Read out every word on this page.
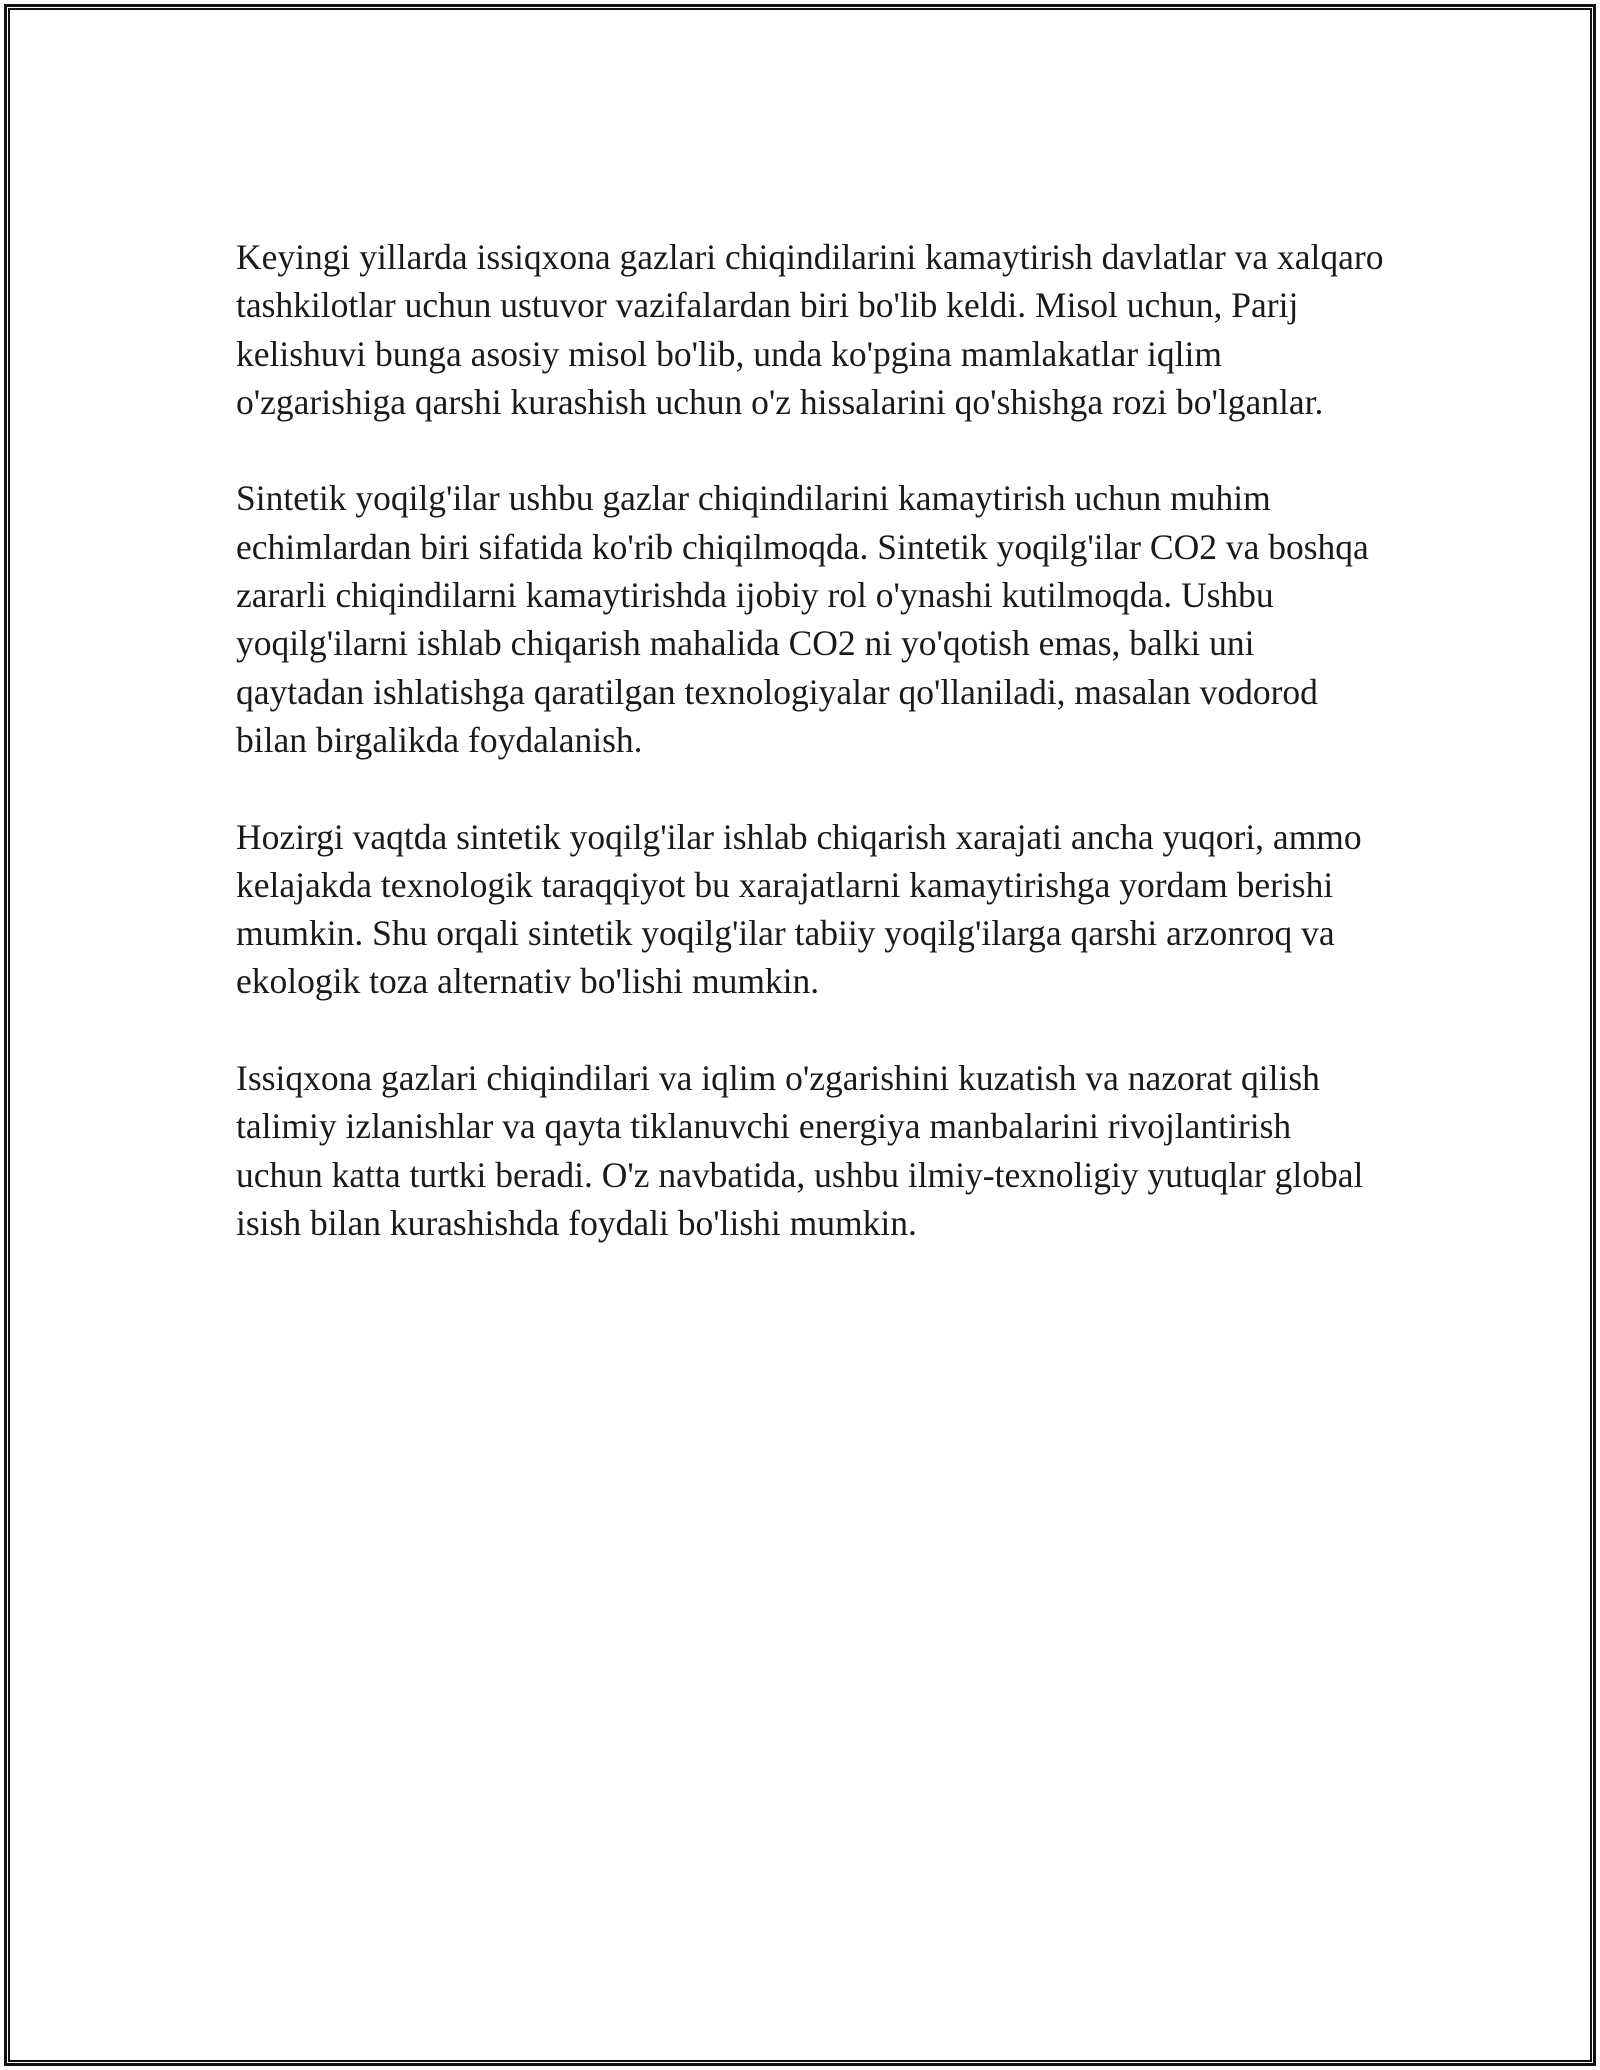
Keyingi yillarda issiqxona gazlari chiqindilarini kamaytirish davlatlar va xalqaro tashkilotlar uchun ustuvor vazifalardan biri bo'lib keldi. Misol uchun, Parij kelishuvi bunga asosiy misol bo'lib, unda ko'pgina mamlakatlar iqlim o'zgarishiga qarshi kurashish uchun o'z hissalarini qo'shishga rozi bo'lganlar.

Sintetik yoqilg'ilar ushbu gazlar chiqindilarini kamaytirish uchun muhim echimlardan biri sifatida ko'rib chiqilmoqda. Sintetik yoqilg'ilar CO2 va boshqa zararli chiqindilarni kamaytirishda ijobiy rol o'ynashi kutilmoqda. Ushbu yoqilg'ilarni ishlab chiqarish mahalida CO2 ni yo'qotish emas, balki uni qaytadan ishlatishga qaratilgan texnologiyalar qo'llaniladi, masalan vodorod bilan birgalikda foydalanish.

Hozirgi vaqtda sintetik yoqilg'ilar ishlab chiqarish xarajati ancha yuqori, ammo kelajakda texnologik taraqqiyot bu xarajatlarni kamaytirishga yordam berishi mumkin. Shu orqali sintetik yoqilg'ilar tabiiy yoqilg'ilarga qarshi arzonroq va ekologik toza alternativ bo'lishi mumkin.

Issiqxona gazlari chiqindilari va iqlim o'zgarishini kuzatish va nazorat qilish talimiy izlanishlar va qayta tiklanuvchi energiya manbalarini rivojlantirish uchun katta turtki beradi. O'z navbatida, ushbu ilmiy-texnoligiy yutuqlar global isish bilan kurashishda foydali bo'lishi mumkin.
